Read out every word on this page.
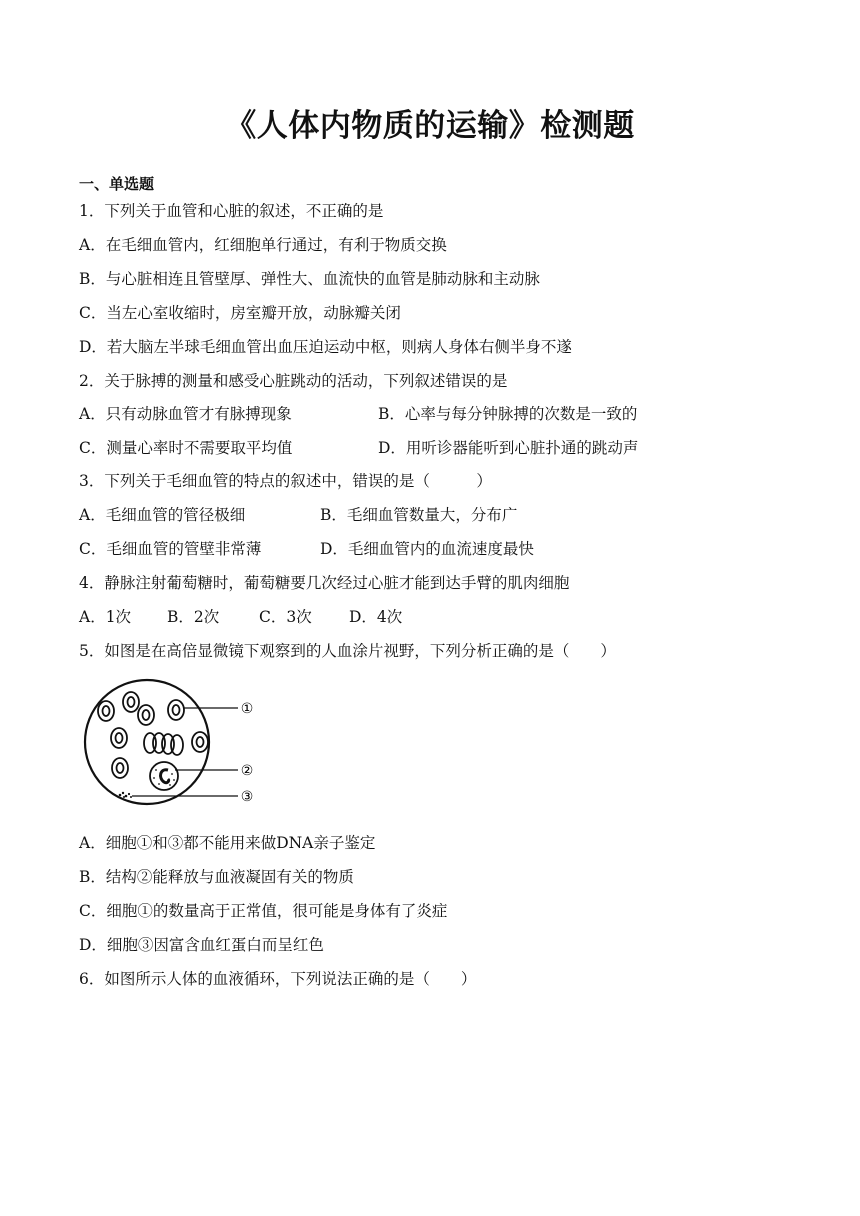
《人体内物质的运输》检测题
一、单选题
1．下列关于血管和心脏的叙述，不正确的是
A．在毛细血管内，红细胞单行通过，有利于物质交换
B．与心脏相连且管壁厚、弹性大、血流快的血管是肺动脉和主动脉
C．当左心室收缩时，房室瓣开放，动脉瓣关闭
D．若大脑左半球毛细血管出血压迫运动中枢，则病人身体右侧半身不遂
2．关于脉搏的测量和感受心脏跳动的活动，下列叙述错误的是
A．只有动脉血管才有脉搏现象	B．心率与每分钟脉搏的次数是一致的
C．测量心率时不需要取平均值	D．用听诊器能听到心脏扑通的跳动声
3．下列关于毛细血管的特点的叙述中，错误的是（　　　）
A．毛细血管的管径极细	B．毛细血管数量大，分布广
C．毛细血管的管壁非常薄	D．毛细血管内的血流速度最快
4．静脉注射葡萄糖时，葡萄糖要几次经过心脏才能到达手臂的肌肉细胞
A．1次 B．2次	C．3次 D．4次
5．如图是在高倍显微镜下观察到的人血涂片视野，下列分析正确的是（　　）
①
②
③
A．细胞①和③都不能用来做DNA亲子鉴定
B．结构②能释放与血液凝固有关的物质
C．细胞①的数量高于正常值，很可能是身体有了炎症
D．细胞③因富含血红蛋白而呈红色
6．如图所示人体的血液循环，下列说法正确的是（　　）
